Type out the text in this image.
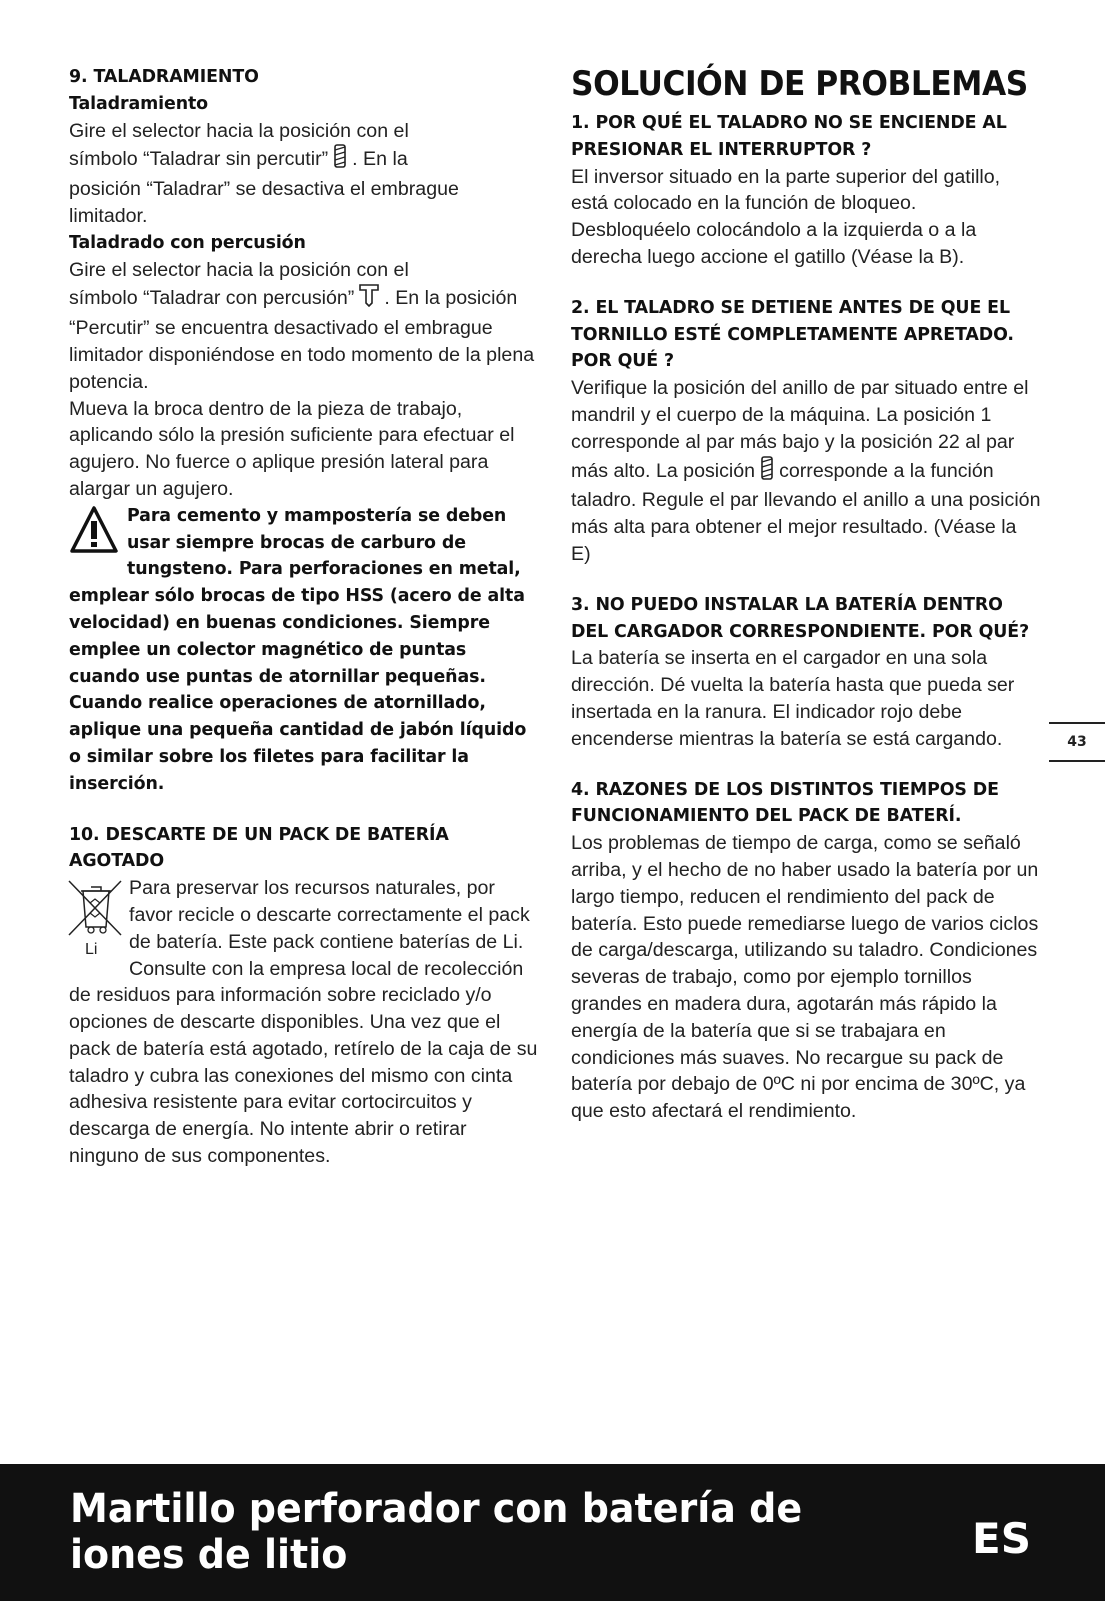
9. TALADRAMIENTO

Taladramiento

Gire el selector hacia la posición con el
símbolo “Taladrar sin percutir” . En la
posición “Taladrar” se desactiva el embrague
limitador.

Taladrado con percusión

Gire el selector hacia la posición con el
símbolo “Taladrar con percusión” . En la posición “Percutir” se encuentra desactivado el embrague limitador disponiéndose en todo momento de la plena potencia.

Mueva la broca dentro de la pieza de trabajo, aplicando sólo la presión suficiente para efectuar el agujero. No fuerce o aplique presión lateral para alargar un agujero.

Para cemento y mampostería se deben usar siempre brocas de carburo de tungsteno. Para perforaciones en metal, emplear sólo brocas de tipo HSS (acero de alta velocidad) en buenas condiciones. Siempre emplee un colector magnético de puntas cuando use puntas de atornillar pequeñas. Cuando realice operaciones de atornillado, aplique una pequeña cantidad de jabón líquido o similar sobre los filetes para facilitar la inserción.

10. DESCARTE DE UN PACK DE BATERÍA AGOTADO

Li

Para preservar los recursos naturales, por favor recicle o descarte correctamente el pack de batería. Este pack contiene baterías de Li. Consulte con la empresa local de recolección de residuos para información sobre reciclado y/o opciones de descarte disponibles. Una vez que el pack de batería está agotado, retírelo de la caja de su taladro y cubra las conexiones del mismo con cinta adhesiva resistente para evitar cortocircuitos y descarga de energía. No intente abrir o retirar ninguno de sus componentes.

SOLUCIÓN DE PROBLEMAS

1. POR QUÉ EL TALADRO NO SE ENCIENDE AL PRESIONAR EL INTERRUPTOR ?

El inversor situado en la parte superior del gatillo, está colocado en la función de bloqueo. Desbloquéelo colocándolo a la izquierda o a la derecha luego accione el gatillo (Véase la B).

2. EL TALADRO SE DETIENE ANTES DE QUE EL TORNILLO ESTÉ COMPLETAMENTE APRETADO. POR QUÉ ?

Verifique la posición del anillo de par situado entre el mandril y el cuerpo de la máquina. La posición 1 corresponde al par más bajo y la posición 22 al par más alto. La posición corresponde a la función taladro. Regule el par llevando el anillo a una posición más alta para obtener el mejor resultado. (Véase la E)

3. NO PUEDO INSTALAR LA BATERÍA DENTRO DEL CARGADOR CORRESPONDIENTE. POR QUÉ?

La batería se inserta en el cargador en una sola dirección. Dé vuelta la batería hasta que pueda ser insertada en la ranura. El indicador rojo debe encenderse mientras la batería se está cargando.

4. RAZONES DE LOS DISTINTOS TIEMPOS DE FUNCIONAMIENTO DEL PACK DE BATERÍ.

Los problemas de tiempo de carga, como se señaló arriba, y el hecho de no haber usado la batería por un largo tiempo, reducen el rendimiento del pack de batería. Esto puede remediarse luego de varios ciclos de carga/descarga, utilizando su taladro. Condiciones severas de trabajo, como por ejemplo tornillos grandes en madera dura, agotarán más rápido la energía de la batería que si se trabajara en condiciones más suaves. No recargue su pack de batería por debajo de 0ºC ni por encima de 30ºC, ya que esto afectará el rendimiento.

43
Martillo perforador con batería de iones de litio	ES
